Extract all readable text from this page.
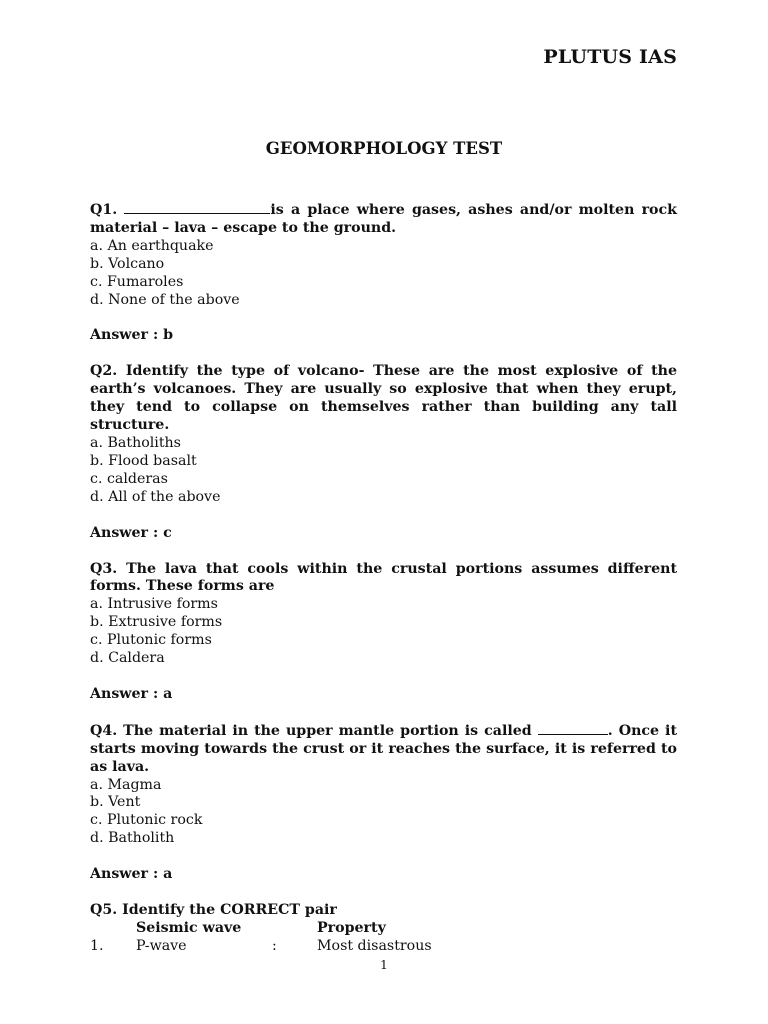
PLUTUS IAS
GEOMORPHOLOGY TEST
Q1.	is a place where gases, ashes and/or molten rock material – lava – escape to the ground.
a. An earthquake
b. Volcano
c. Fumaroles
d. None of the above
Answer : b
Q2. Identify the type of volcano- These are the most explosive of the earth’s volcanoes. They are usually so explosive that when they erupt, they tend to collapse on themselves rather than building any tall structure.
a. Batholiths
b. Flood basalt
c. calderas
d. All of the above
Answer : c
Q3. The lava that cools within the crustal portions assumes different forms. These forms are
a. Intrusive forms
b. Extrusive forms
c. Plutonic forms
d. Caldera
Answer : a
Q4. The material in the upper mantle portion is called	. Once it starts moving towards the crust or it reaches the surface, it is referred to as lava.
a. Magma
b. Vent
c. Plutonic rock
d. Batholith
Answer : a
Q5. Identify the CORRECT pair
	Seismic wave		Property
1.	P-wave	:	Most disastrous
1
